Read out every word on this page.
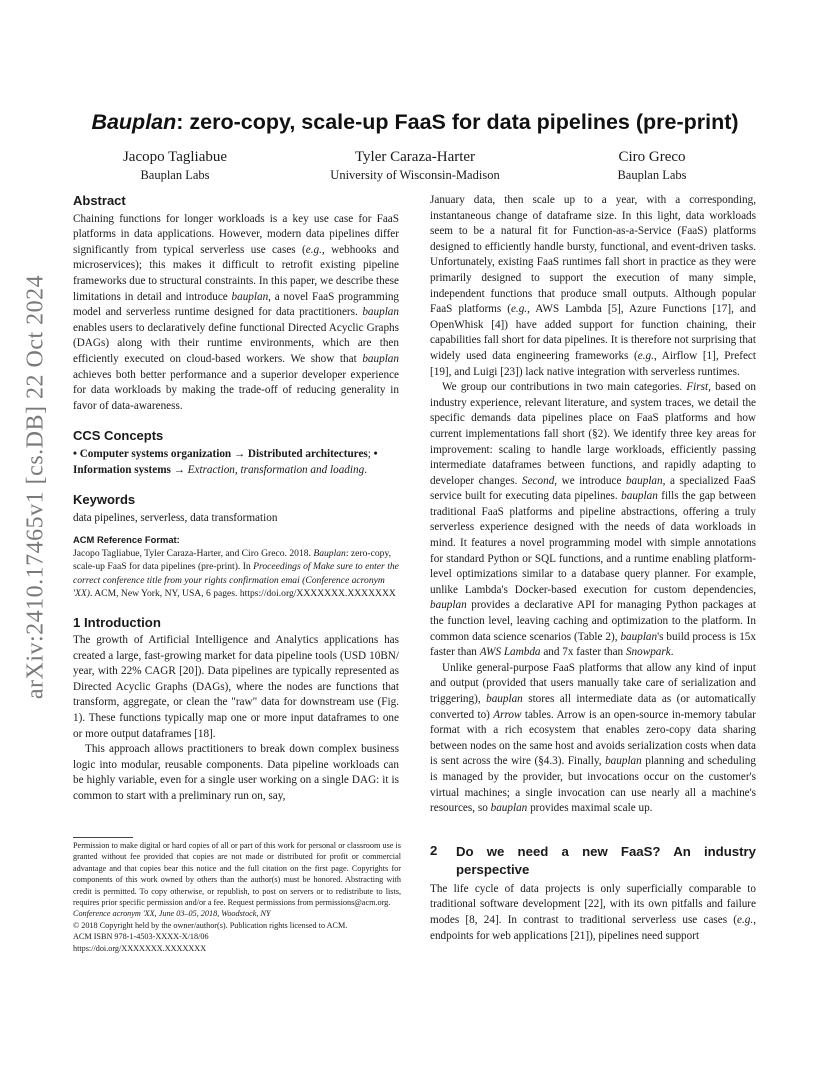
arXiv:2410.17465v1 [cs.DB] 22 Oct 2024
Bauplan: zero-copy, scale-up FaaS for data pipelines (pre-print)
Jacopo Tagliabue
Bauplan Labs
Tyler Caraza-Harter
University of Wisconsin-Madison
Ciro Greco
Bauplan Labs
Abstract

Chaining functions for longer workloads is a key use case for FaaS platforms in data applications. However, modern data pipelines differ significantly from typical serverless use cases (e.g., webhooks and microservices); this makes it difficult to retrofit existing pipeline frameworks due to structural constraints. In this paper, we describe these limitations in detail and introduce bauplan, a novel FaaS programming model and serverless runtime designed for data practitioners. bauplan enables users to declaratively define functional Directed Acyclic Graphs (DAGs) along with their runtime environments, which are then efficiently executed on cloud-based workers. We show that bauplan achieves both better performance and a superior developer experience for data workloads by making the trade-off of reducing generality in favor of data-awareness.

CCS Concepts

• Computer systems organization → Distributed architectures; • Information systems → Extraction, transformation and loading.

Keywords

data pipelines, serverless, data transformation

ACM Reference Format:
Jacopo Tagliabue, Tyler Caraza-Harter, and Ciro Greco. 2018. Bauplan: zero-copy, scale-up FaaS for data pipelines (pre-print). In Proceedings of Make sure to enter the correct conference title from your rights confirmation emai (Conference acronym 'XX). ACM, New York, NY, USA, 6 pages. https://doi.org/XXXXXXX.XXXXXXX
1 Introduction

The growth of Artificial Intelligence and Analytics applications has created a large, fast-growing market for data pipeline tools (USD 10BN/ year, with 22% CAGR [20]). Data pipelines are typically represented as Directed Acyclic Graphs (DAGs), where the nodes are functions that transform, aggregate, or clean the "raw" data for downstream use (Fig. 1). These functions typically map one or more input dataframes to one or more output dataframes [18].

This approach allows practitioners to break down complex business logic into modular, reusable components. Data pipeline workloads can be highly variable, even for a single user working on a single DAG: it is common to start with a preliminary run on, say,

Permission to make digital or hard copies of all or part of this work for personal or classroom use is granted without fee provided that copies are not made or distributed for profit or commercial advantage and that copies bear this notice and the full citation on the first page. Copyrights for components of this work owned by others than the author(s) must be honored. Abstracting with credit is permitted. To copy otherwise, or republish, to post on servers or to redistribute to lists, requires prior specific permission and/or a fee. Request permissions from permissions@acm.org.
Conference acronym 'XX, June 03–05, 2018, Woodstock, NY
© 2018 Copyright held by the owner/author(s). Publication rights licensed to ACM.
ACM ISBN 978-1-4503-XXXX-X/18/06
https://doi.org/XXXXXXX.XXXXXXX

January data, then scale up to a year, with a corresponding, instantaneous change of dataframe size. In this light, data workloads seem to be a natural fit for Function-as-a-Service (FaaS) platforms designed to efficiently handle bursty, functional, and event-driven tasks. Unfortunately, existing FaaS runtimes fall short in practice as they were primarily designed to support the execution of many simple, independent functions that produce small outputs. Although popular FaaS platforms (e.g., AWS Lambda [5], Azure Functions [17], and OpenWhisk [4]) have added support for function chaining, their capabilities fall short for data pipelines. It is therefore not surprising that widely used data engineering frameworks (e.g., Airflow [1], Prefect [19], and Luigi [23]) lack native integration with serverless runtimes.

We group our contributions in two main categories. First, based on industry experience, relevant literature, and system traces, we detail the specific demands data pipelines place on FaaS platforms and how current implementations fall short (§2). We identify three key areas for improvement: scaling to handle large workloads, efficiently passing intermediate dataframes between functions, and rapidly adapting to developer changes. Second, we introduce bauplan, a specialized FaaS service built for executing data pipelines. bauplan fills the gap between traditional FaaS platforms and pipeline abstractions, offering a truly serverless experience designed with the needs of data workloads in mind. It features a novel programming model with simple annotations for standard Python or SQL functions, and a runtime enabling platform-level optimizations similar to a database query planner. For example, unlike Lambda's Docker-based execution for custom dependencies, bauplan provides a declarative API for managing Python packages at the function level, leaving caching and optimization to the platform. In common data science scenarios (Table 2), bauplan's build process is 15x faster than AWS Lambda and 7x faster than Snowpark.

Unlike general-purpose FaaS platforms that allow any kind of input and output (provided that users manually take care of serialization and triggering), bauplan stores all intermediate data as (or automatically converted to) Arrow tables. Arrow is an open-source in-memory tabular format with a rich ecosystem that enables zero-copy data sharing between nodes on the same host and avoids serialization costs when data is sent across the wire (§4.3). Finally, bauplan planning and scheduling is managed by the provider, but invocations occur on the customer's virtual machines; a single invocation can use nearly all a machine's resources, so bauplan provides maximal scale up.

2	Do we need a new FaaS? An industry perspective

The life cycle of data projects is only superficially comparable to traditional software development [22], with its own pitfalls and failure modes [8, 24]. In contrast to traditional serverless use cases (e.g., endpoints for web applications [21]), pipelines need support
